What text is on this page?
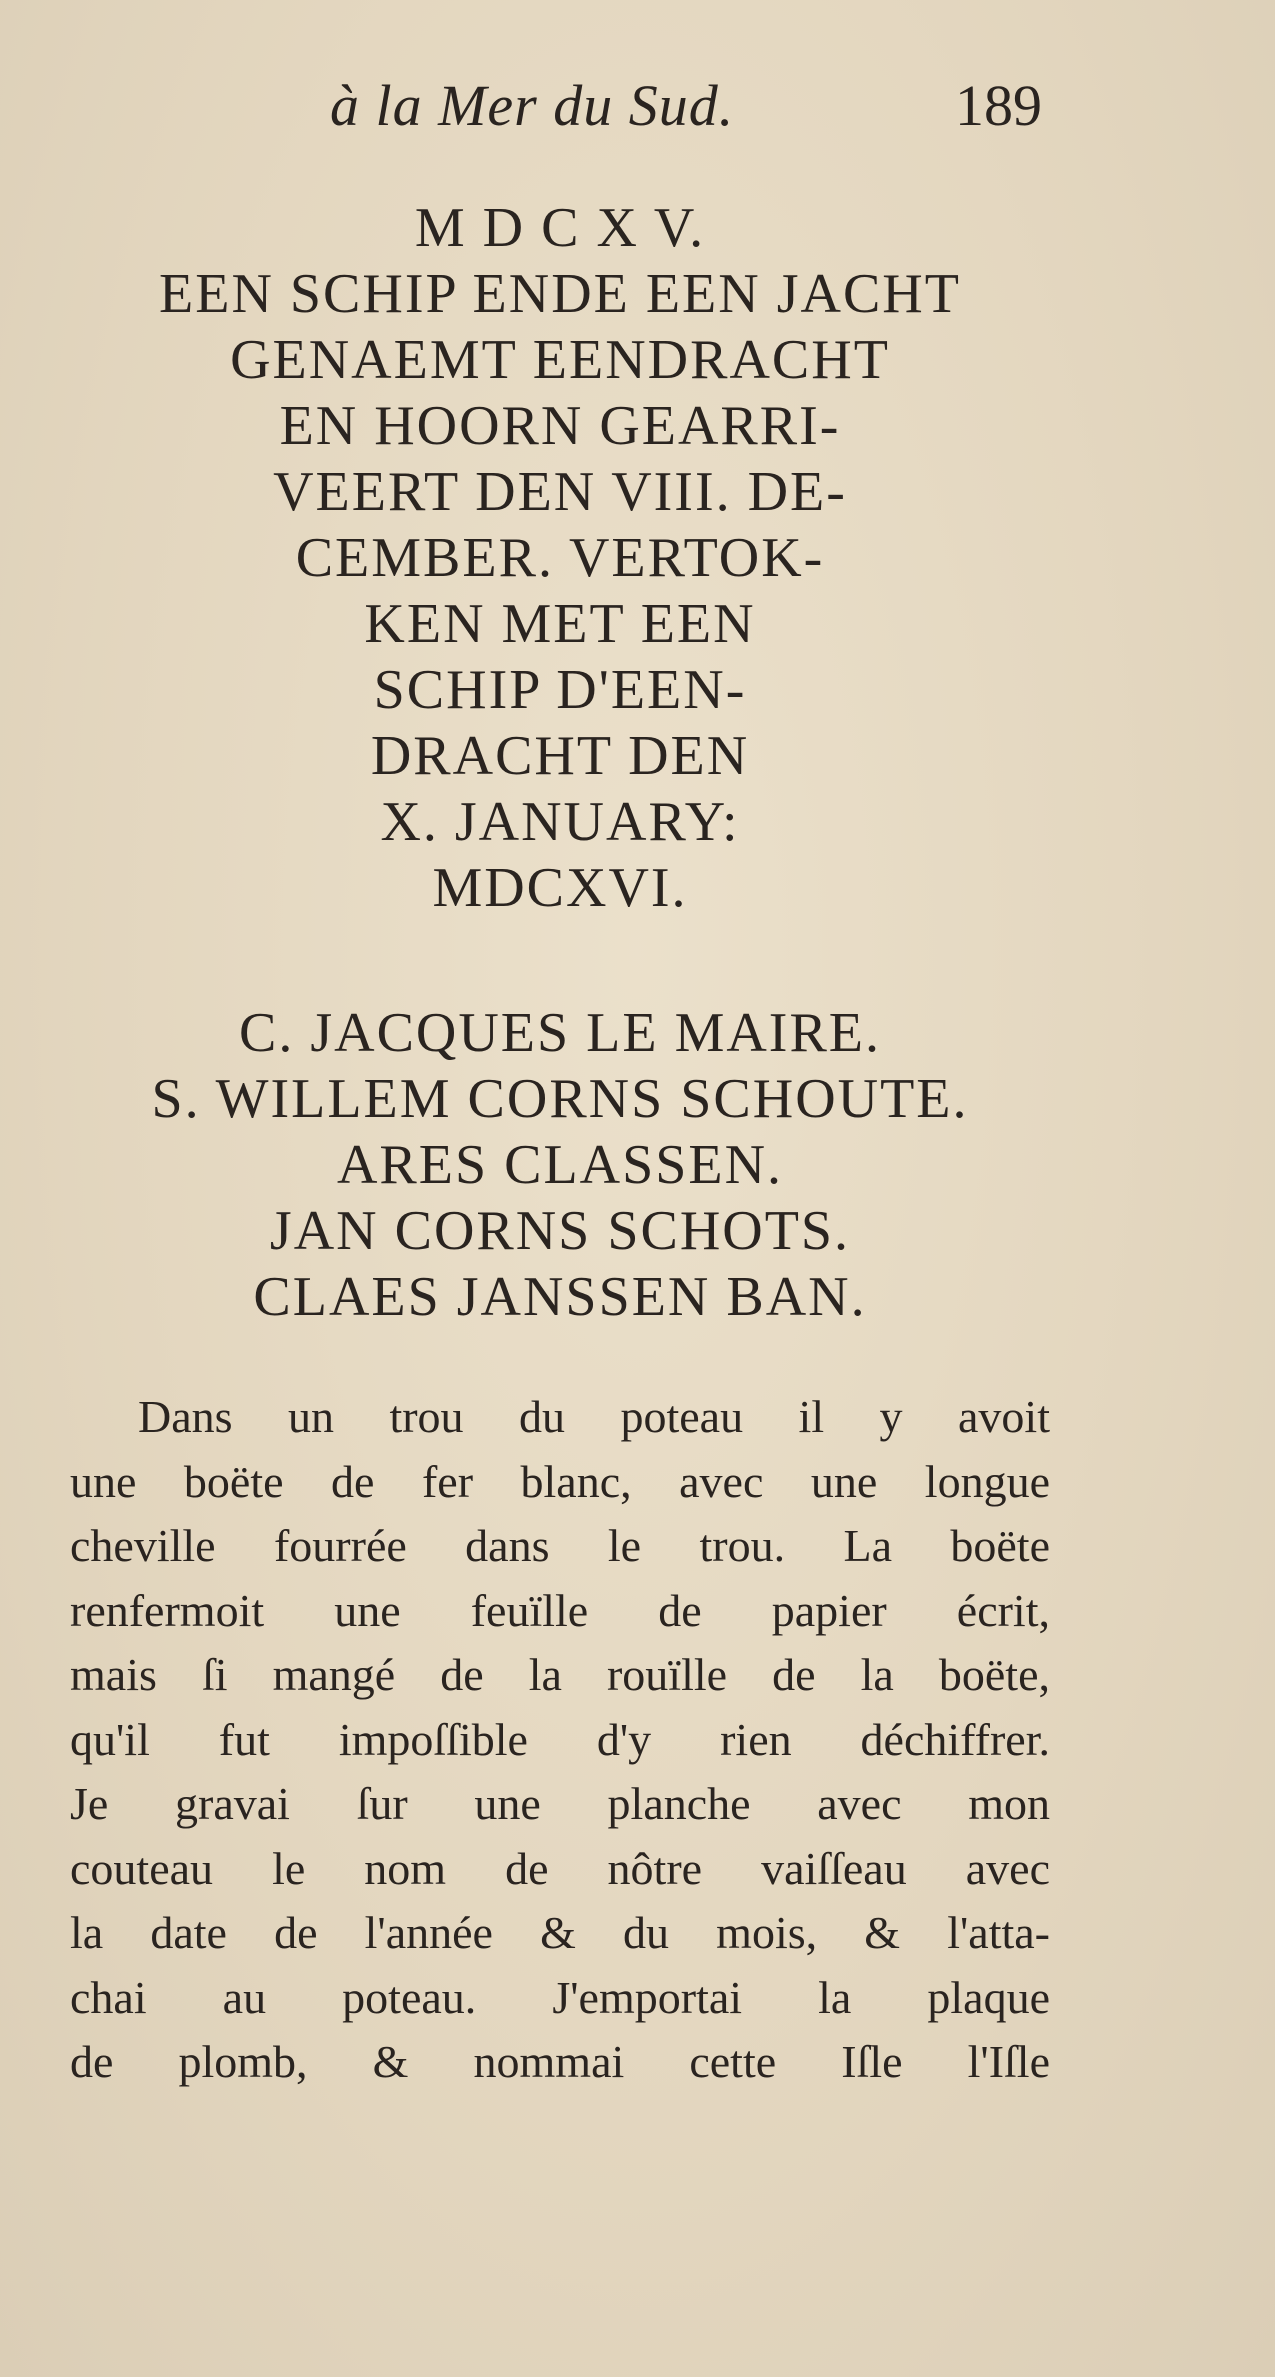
à la Mer du Sud.	189
M D C X V.
EEN SCHIP ENDE EEN JACHT
GENAEMT EENDRACHT
EN HOORN GEARRI-
VEERT DEN VIII. DE-
CEMBER. VERTOK-
KEN MET EEN
SCHIP D'EEN-
DRACHT DEN
X. JANUARY:
MDCXVI.
C. JACQUES LE MAIRE.
S. WILLEM CORNS SCHOUTE.
ARES CLASSEN.
JAN CORNS SCHOTS.
CLAES JANSSEN BAN.
Dans un trou du poteau il y avoit
une boëte de fer blanc, avec une longue
cheville fourrée dans le trou. La boëte
renfermoit une feuïlle de papier écrit,
mais ſi mangé de la rouïlle de la boëte,
qu'il fut impoſſible d'y rien déchiffrer.
Je gravai ſur une planche avec mon
couteau le nom de nôtre vaiſſeau avec
la date de l'année & du mois, & l'atta-
chai au poteau. J'emportai la plaque
de plomb, & nommai cette Iſle l'Iſle
